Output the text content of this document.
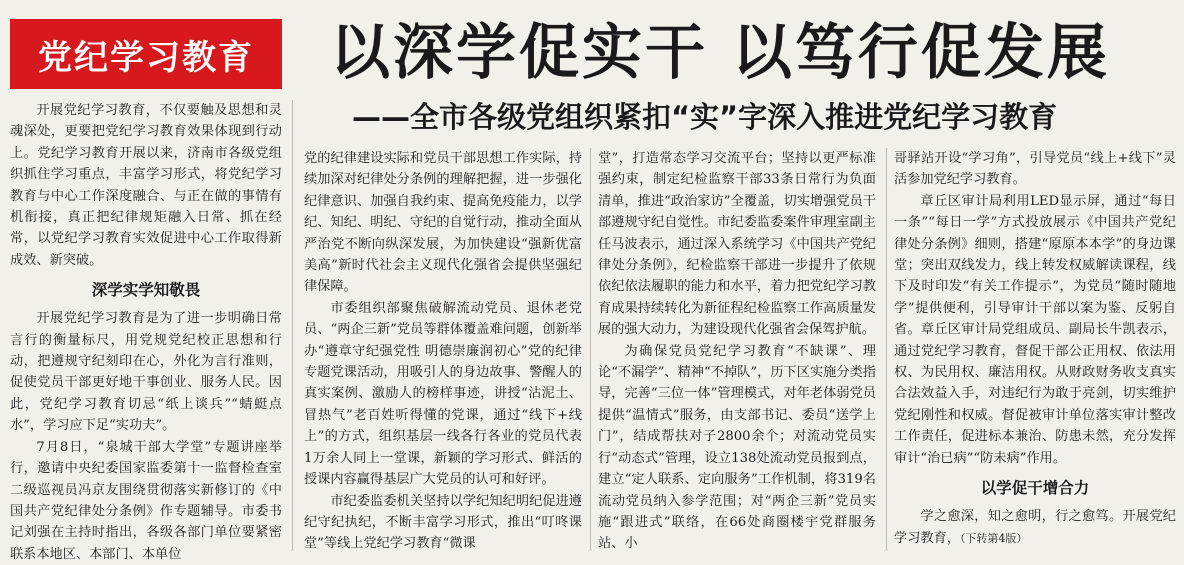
党纪学习教育	以深学促实干 以笃行促发展
——全市各级党组织紧扣“实”字深入推进党纪学习教育

开展党纪学习教育，不仅要触及思想和灵魂深处，更要把党纪学习教育效果体现到行动上。党纪学习教育开展以来，济南市各级党组织抓住学习重点，丰富学习形式，将党纪学习教育与中心工作深度融合、与正在做的事情有机衔接，真正把纪律规矩融入日常、抓在经常，以党纪学习教育实效促进中心工作取得新成效、新突破。

深学实学知敬畏

开展党纪学习教育是为了进一步明确日常言行的衡量标尺，用党规党纪校正思想和行动，把遵规守纪刻印在心，外化为言行准则，促使党员干部更好地干事创业、服务人民。因此，党纪学习教育切忌“纸上谈兵”“蜻蜓点水”，学习应下足“实功夫”。

7月8日，“泉城干部大学堂”专题讲座举行，邀请中央纪委国家监委第十一监督检查室二级巡视员冯京友围绕贯彻落实新修订的《中国共产党纪律处分条例》作专题辅导。市委书记刘强在主持时指出，各级各部门单位要紧密联系本地区、本部门、本单位

党的纪律建设实际和党员干部思想工作实际，持续加深对纪律处分条例的理解把握，进一步强化纪律意识、加强自我约束、提高免疫能力，以学纪、知纪、明纪、守纪的自觉行动，推动全面从严治党不断向纵深发展，为加快建设“强新优富美高”新时代社会主义现代化强省会提供坚强纪律保障。

市委组织部聚焦破解流动党员、退休老党员、“两企三新”党员等群体覆盖难问题，创新举办“遵章守纪强党性 明德崇廉润初心”党的纪律专题党课活动，用吸引人的身边故事、警醒人的真实案例、激励人的榜样事迹，讲授“沾泥土、冒热气”老百姓听得懂的党课，通过“线下+线上”的方式，组织基层一线各行各业的党员代表1万余人同上一堂课，新颖的学习形式、鲜活的授课内容赢得基层广大党员的认可和好评。

市纪委监委机关坚持以学纪知纪明纪促进遵纪守纪执纪，不断丰富学习形式，推出“叮咚课堂”等线上党纪学习教育“微课

堂”，打造常态学习交流平台；坚持以更严标准强约束，制定纪检监察干部33条日常行为负面清单，推进“政治家访”全覆盖，切实增强党员干部遵规守纪自觉性。市纪委监委案件审理室副主任马波表示，通过深入系统学习《中国共产党纪律处分条例》，纪检监察干部进一步提升了依规依纪依法履职的能力和水平，着力把党纪学习教育成果持续转化为新征程纪检监察工作高质量发展的强大动力，为建设现代化强省会保驾护航。

为确保党员党纪学习教育“不缺课”、理论“不漏学”、精神“不掉队”，历下区实施分类指导，完善“三位一体”管理模式，对年老体弱党员提供“温情式”服务，由支部书记、委员“送学上门”，结成帮扶对子2800余个；对流动党员实行“动态式”管理，设立138处流动党员报到点，建立“定人联系、定向服务”工作机制，将319名流动党员纳入参学范围；对“两企三新”党员实施“跟进式”联络，在66处商圈楼宇党群服务站、小

哥驿站开设“学习角”，引导党员“线上+线下”灵活参加党纪学习教育。

章丘区审计局利用LED显示屏，通过“每日一条”“每日一学”方式投放展示《中国共产党纪律处分条例》细则，搭建“原原本本学”的身边课堂；突出双线发力，线上转发权威解读课程，线下及时印发“有关工作提示”，为党员“随时随地学”提供便利，引导审计干部以案为鉴、反躬自省。章丘区审计局党组成员、副局长牛凯表示，通过党纪学习教育，督促干部公正用权、依法用权、为民用权、廉洁用权。从财政财务收支真实合法效益入手，对违纪行为敢于亮剑，切实维护党纪刚性和权威。督促被审计单位落实审计整改工作责任，促进标本兼治、防患未然，充分发挥审计“治已病”“防未病”作用。

以学促干增合力

学之愈深，知之愈明，行之愈笃。开展党纪学习教育，（下转第4版）
